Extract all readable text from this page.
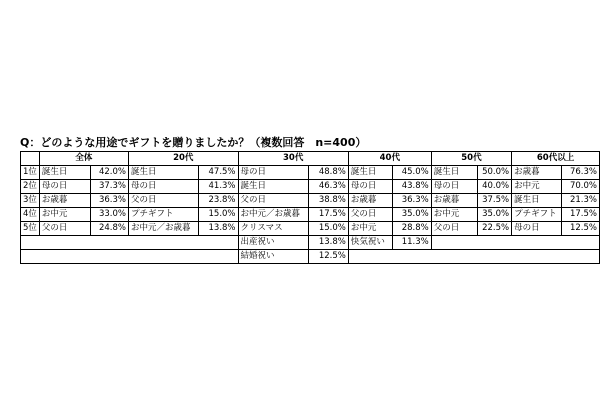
Q：どのような用途でギフトを贈りましたか？（複数回答　n=400）
	全体		20代		30代		40代		50代		60代以上	
1位	誕生日	42.0%	誕生日	47.5%	母の日	48.8%	誕生日	45.0%	誕生日	50.0%	お歳暮	76.3%
2位	母の日	37.3%	母の日	41.3%	誕生日	46.3%	母の日	43.8%	母の日	40.0%	お中元	70.0%
3位	お歳暮	36.3%	父の日	23.8%	父の日	38.8%	お歳暮	36.3%	お歳暮	37.5%	誕生日	21.3%
4位	お中元	33.0%	プチギフト	15.0%	お中元／お歳暮	17.5%	父の日	35.0%	お中元	35.0%	プチギフト	17.5%
5位	父の日	24.8%	お中元／お歳暮	13.8%	クリスマス	15.0%	お中元	28.8%	父の日	22.5%	母の日	12.5%
					出産祝い	13.8%	快気祝い	11.3%				
					結婚祝い	12.5%						
